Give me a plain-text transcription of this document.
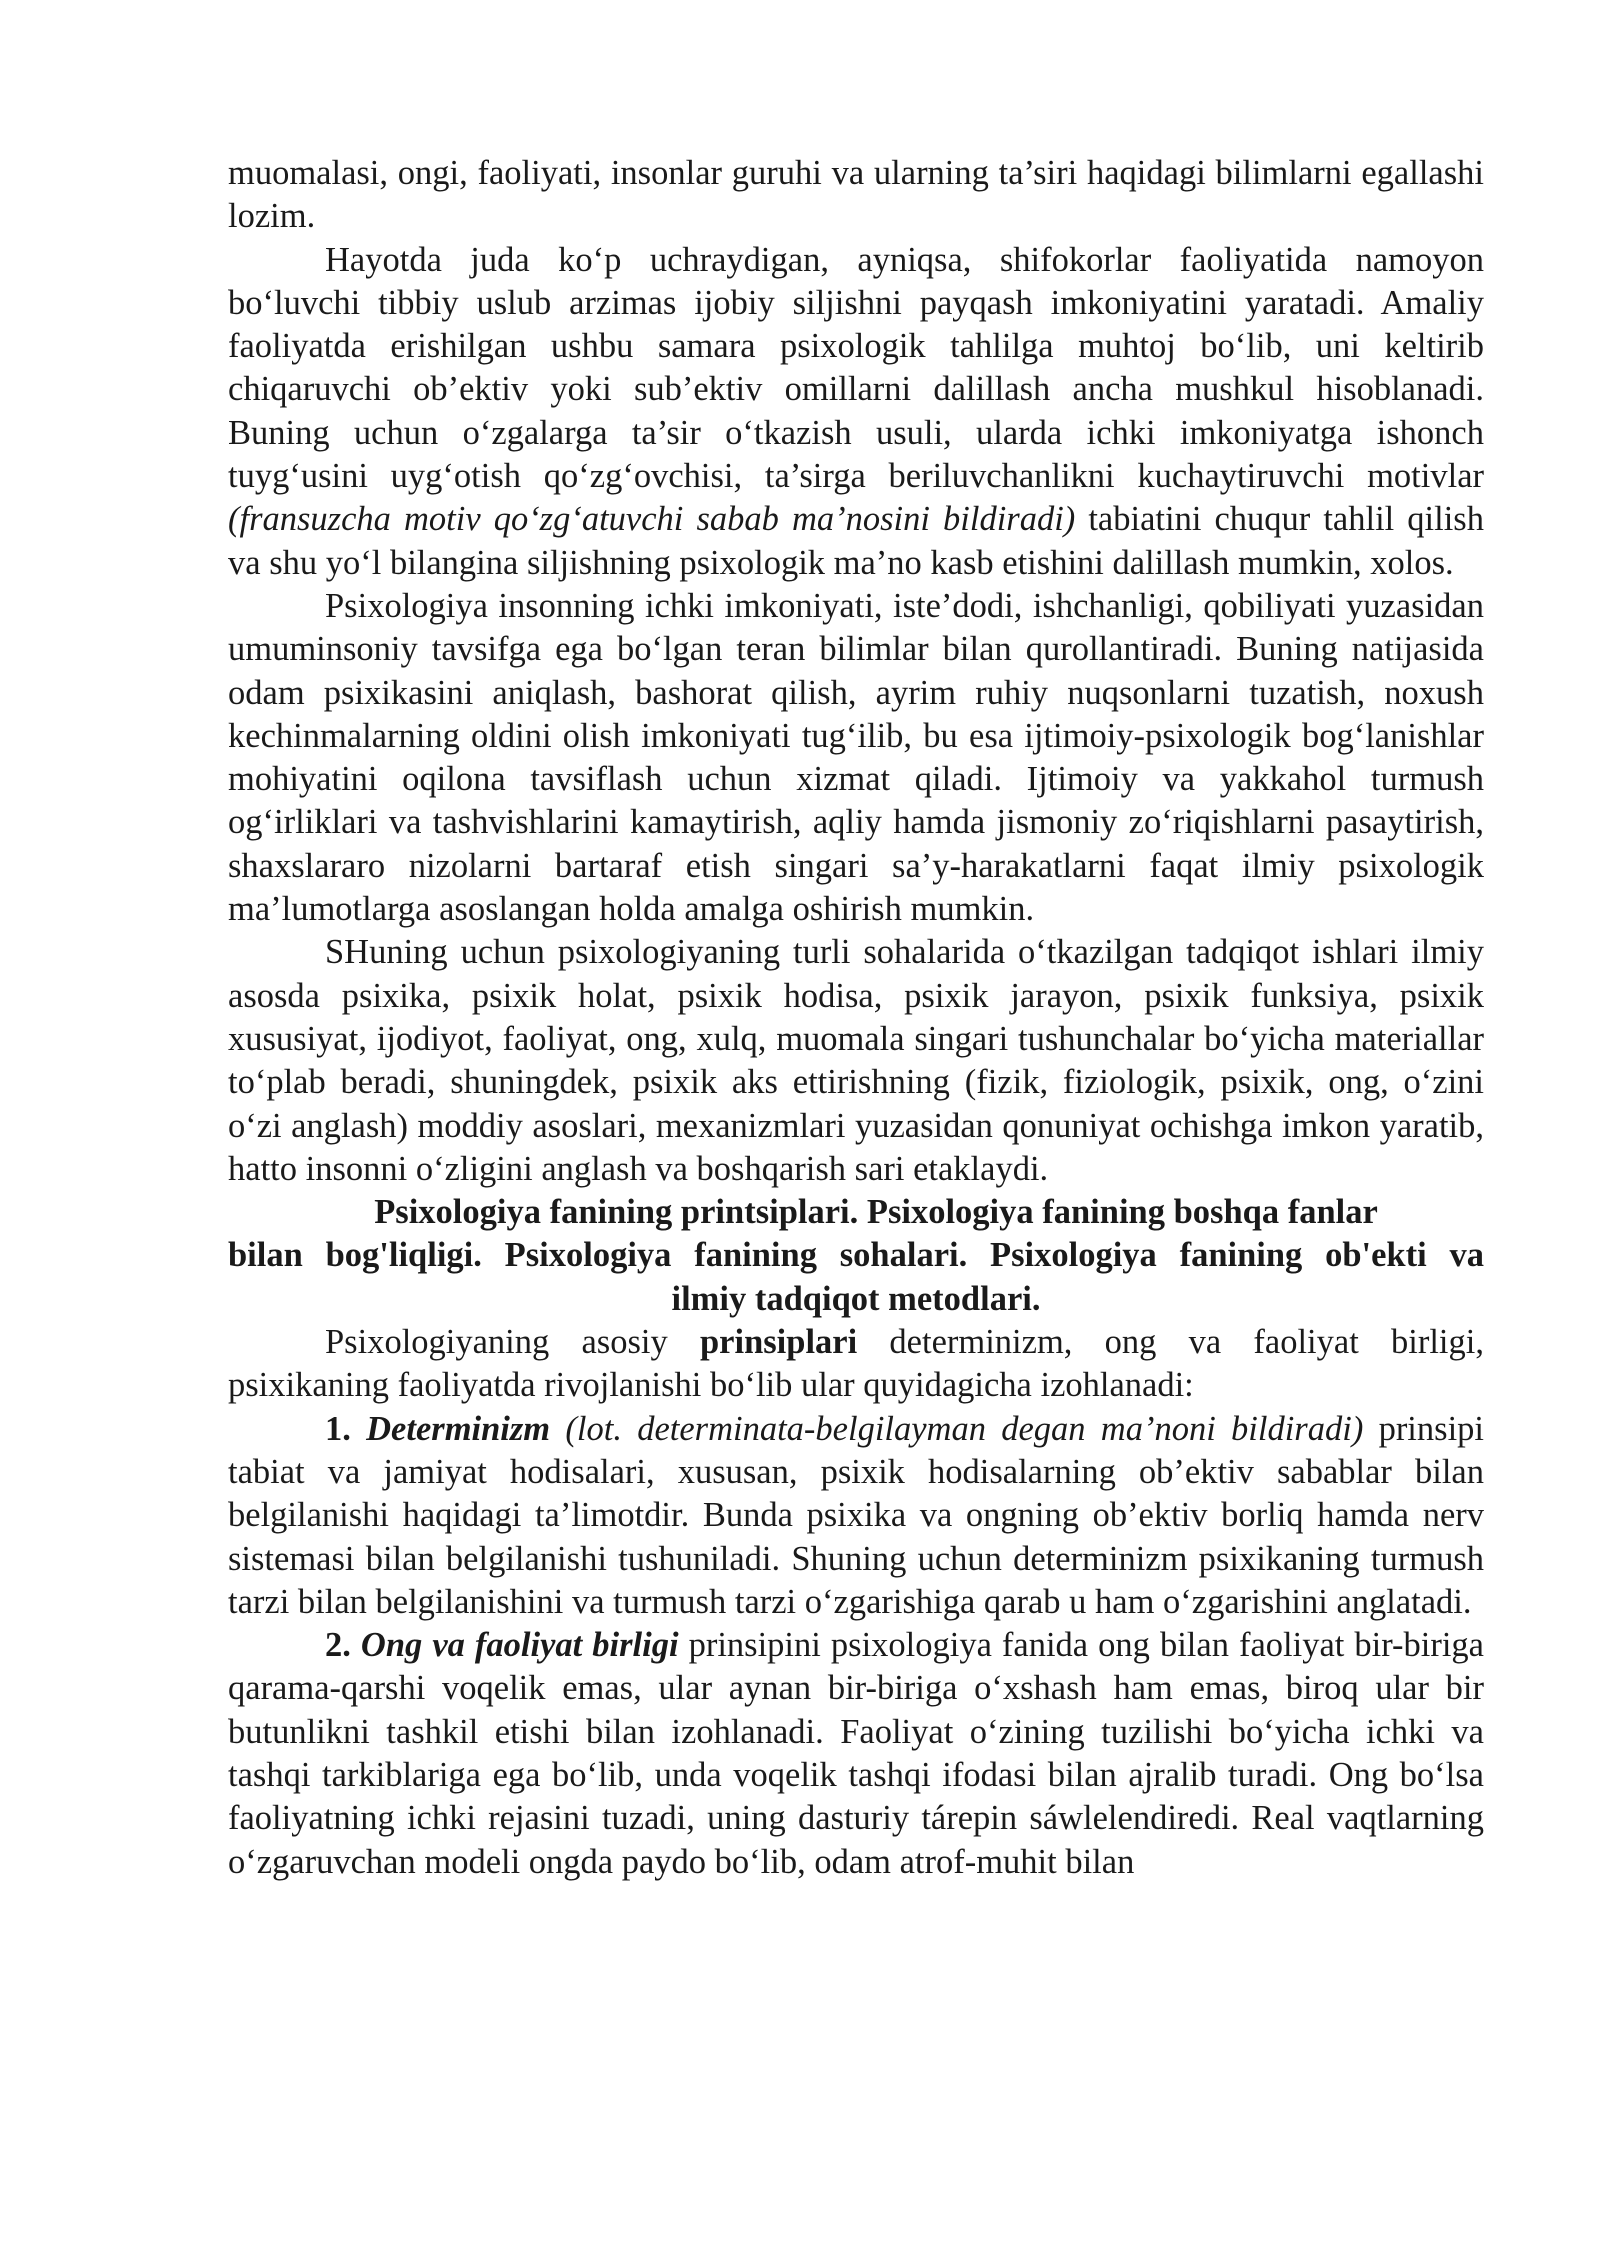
muomalasi, ongi, faoliyati, insonlar guruhi va ularning ta’siri haqidagi bilimlarni egallashi lozim.

Hayotda juda ko‘p uchraydigan, ayniqsa, shifokorlar faoliyatida namoyon bo‘luvchi tibbiy uslub arzimas ijobiy siljishni payqash imkoniyatini yaratadi. Amaliy faoliyatda erishilgan ushbu samara psixologik tahlilga muhtoj bo‘lib, uni keltirib chiqaruvchi ob’ektiv yoki sub’ektiv omillarni dalillash ancha mushkul hisoblanadi. Buning uchun o‘zgalarga ta’sir o‘tkazish usuli, ularda ichki imkoniyatga ishonch tuyg‘usini uyg‘otish qo‘zg‘ovchisi, ta’sirga beriluvchanlikni kuchaytiruvchi motivlar (fransuzcha motiv qo‘zg‘atuvchi sabab ma’nosini bildiradi) tabiatini chuqur tahlil qilish va shu yo‘l bilangina siljishning psixologik ma’no kasb etishini dalillash mumkin, xolos.

Psixologiya insonning ichki imkoniyati, iste’dodi, ishchanligi, qobiliyati yuzasidan umuminsoniy tavsifga ega bo‘lgan teran bilimlar bilan qurollantiradi. Buning natijasida odam psixikasini aniqlash, bashorat qilish, ayrim ruhiy nuqsonlarni tuzatish, noxush kechinmalarning oldini olish imkoniyati tug‘ilib, bu esa ijtimoiy-psixologik bog‘lanishlar mohiyatini oqilona tavsiflash uchun xizmat qiladi. Ijtimoiy va yakkahol turmush og‘irliklari va tashvishlarini kamaytirish, aqliy hamda jismoniy zo‘riqishlarni pasaytirish, shaxslararo nizolarni bartaraf etish singari sa’y-harakatlarni faqat ilmiy psixologik ma’lumotlarga asoslangan holda amalga oshirish mumkin.

SHuning uchun psixologiyaning turli sohalarida o‘tkazilgan tadqiqot ishlari ilmiy asosda psixika, psixik holat, psixik hodisa, psixik jarayon, psixik funksiya, psixik xususiyat, ijodiyot, faoliyat, ong, xulq, muomala singari tushunchalar bo‘yicha materiallar to‘plab beradi, shuningdek, psixik aks ettirishning (fizik, fiziologik, psixik, ong, o‘zini o‘zi anglash) moddiy asoslari, mexanizmlari yuzasidan qonuniyat ochishga imkon yaratib, hatto insonni o‘zligini anglash va boshqarish sari etaklaydi.

Psixologiya fanining printsiplari. Psixologiya fanining boshqa fanlar
bilan bog'liqligi. Psixologiya fanining sohalari. Psixologiya fanining ob'ekti va
ilmiy tadqiqot metodlari.

Psixologiyaning asosiy prinsiplari determinizm, ong va faoliyat birligi, psixikaning faoliyatda rivojlanishi bo‘lib ular quyidagicha izohlanadi:

1. Determinizm (lot. determinata-belgilayman degan ma’noni bildiradi) prinsipi tabiat va jamiyat hodisalari, xususan, psixik hodisalarning ob’ektiv sabablar bilan belgilanishi haqidagi ta’limotdir. Bunda psixika va ongning ob’ektiv borliq hamda nerv sistemasi bilan belgilanishi tushuniladi. Shuning uchun determinizm psixikaning turmush tarzi bilan belgilanishini va turmush tarzi o‘zgarishiga qarab u ham o‘zgarishini anglatadi.

2. Ong va faoliyat birligi prinsipini psixologiya fanida ong bilan faoliyat bir-biriga qarama-qarshi voqelik emas, ular aynan bir-biriga o‘xshash ham emas, biroq ular bir butunlikni tashkil etishi bilan izohlanadi. Faoliyat o‘zining tuzilishi bo‘yicha ichki va tashqi tarkiblariga ega bo‘lib, unda voqelik tashqi ifodasi bilan ajralib turadi. Ong bo‘lsa faoliyatning ichki rejasini tuzadi, uning dasturiy tárepin sáwlelendiredi. Real vaqtlarning o‘zgaruvchan modeli ongda paydo bo‘lib, odam atrof-muhit bilan
